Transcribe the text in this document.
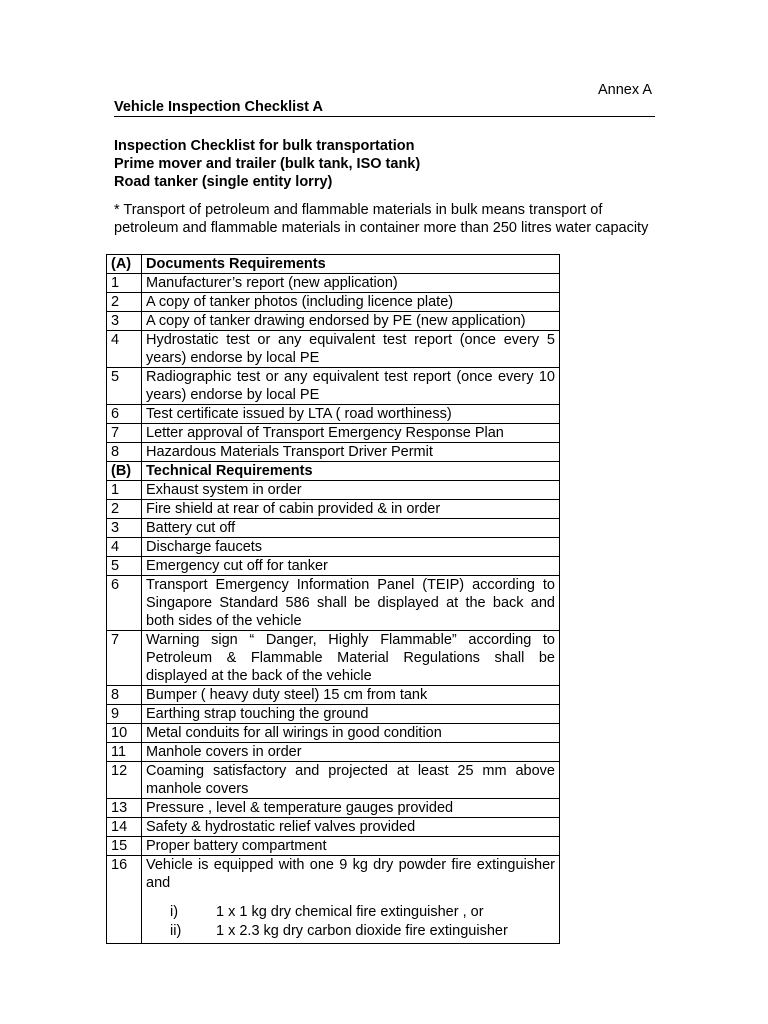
Annex A
Vehicle Inspection Checklist A
Inspection Checklist for bulk transportation
Prime mover and trailer (bulk tank, ISO tank)
Road tanker (single entity lorry)
* Transport of petroleum and flammable materials in bulk means transport of petroleum and flammable materials in container more than 250 litres water capacity
(A)	Documents Requirements
1	Manufacturer’s report (new application)
2	A copy of tanker photos (including licence plate)
3	A copy of tanker drawing endorsed by PE (new application)
4	Hydrostatic test or any equivalent test report (once every 5 years) endorse by local PE
5	Radiographic test or any equivalent test report (once every 10 years) endorse by local PE
6	Test certificate issued by LTA ( road worthiness)
7	Letter approval of Transport Emergency Response Plan
8	Hazardous Materials Transport Driver Permit
(B)	Technical Requirements
1	Exhaust system in order
2	Fire shield at rear of cabin provided & in order
3	Battery cut off
4	Discharge faucets
5	Emergency cut off for tanker
6	Transport Emergency Information Panel (TEIP) according to Singapore Standard 586 shall be displayed at the back and both sides of the vehicle
7	Warning sign “ Danger, Highly Flammable” according to Petroleum & Flammable Material Regulations shall be displayed at the back of the vehicle
8	Bumper ( heavy duty steel) 15 cm from tank
9	Earthing strap touching the ground
10	Metal conduits for all wirings in good condition
11	Manhole covers in order
12	Coaming satisfactory and projected at least 25 mm above manhole covers
13	Pressure , level & temperature gauges provided
14	Safety & hydrostatic relief valves provided
15	Proper battery compartment
16	Vehicle is equipped with one 9 kg dry powder fire extinguisher and
i) 1 x 1 kg dry chemical fire extinguisher , or
ii) 1 x 2.3 kg dry carbon dioxide fire extinguisher
